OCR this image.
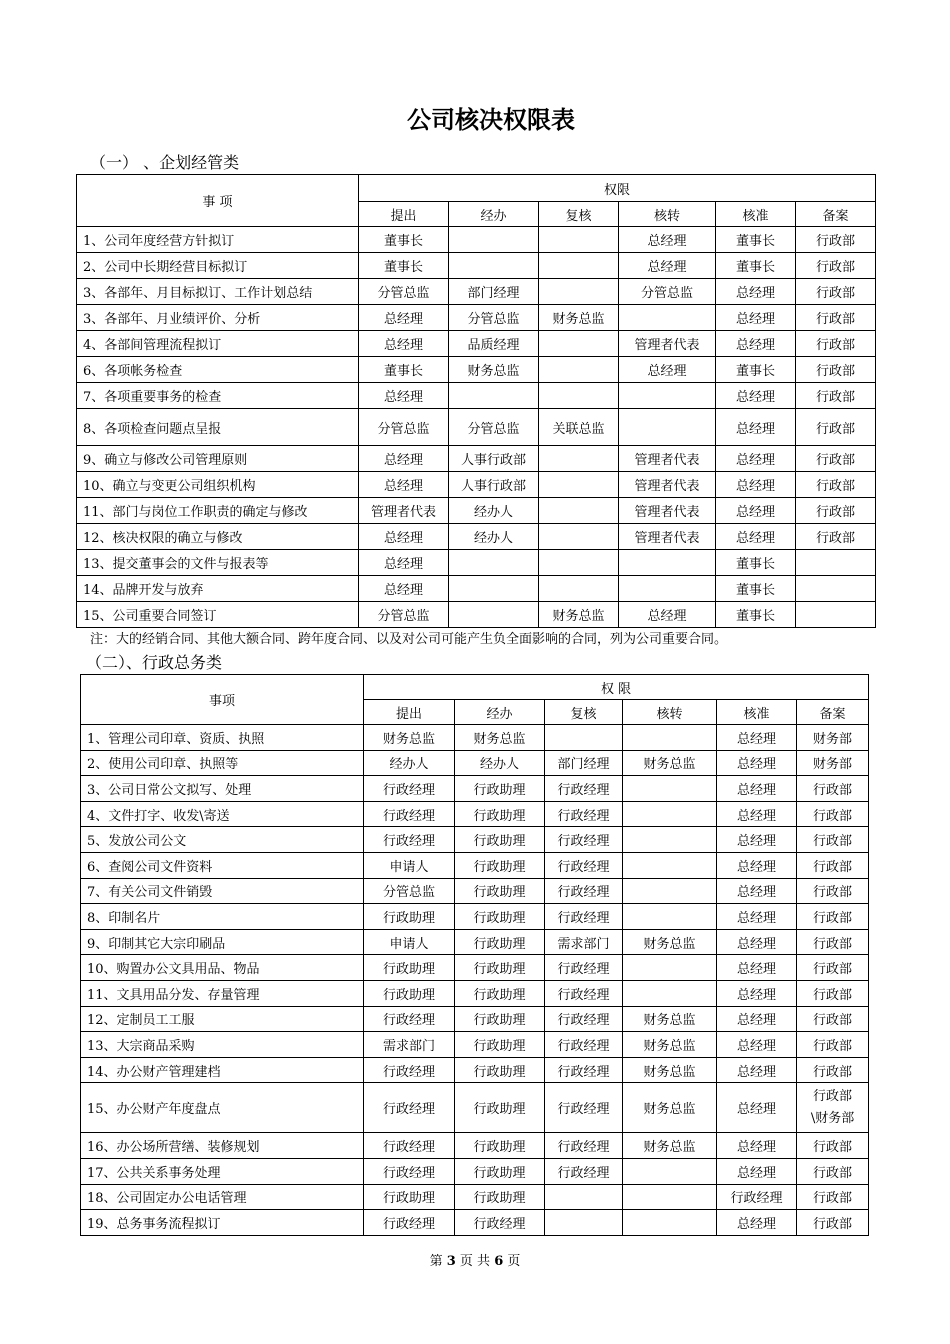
公司核决权限表
（一） 、企划经管类
事 项	权限					
	提出	经办	复核	核转	核准	备案
1、公司年度经营方针拟订	董事长			总经理	董事长	行政部
2、公司中长期经营目标拟订	董事长			总经理	董事长	行政部
3、各部年、月目标拟订、工作计划总结	分管总监	部门经理		分管总监	总经理	行政部
3、各部年、月业绩评价、分析	总经理	分管总监	财务总监		总经理	行政部
4、各部间管理流程拟订	总经理	品质经理		管理者代表	总经理	行政部
6、各项帐务检查	董事长	财务总监		总经理	董事长	行政部
7、各项重要事务的检查	总经理				总经理	行政部
8、各项检查问题点呈报	分管总监	分管总监	关联总监		总经理	行政部
9、确立与修改公司管理原则	总经理	人事行政部		管理者代表	总经理	行政部
10、确立与变更公司组织机构	总经理	人事行政部		管理者代表	总经理	行政部
11、部门与岗位工作职责的确定与修改	管理者代表	经办人		管理者代表	总经理	行政部
12、核决权限的确立与修改	总经理	经办人		管理者代表	总经理	行政部
13、提交董事会的文件与报表等	总经理				董事长	
14、品牌开发与放弃	总经理				董事长	
15、公司重要合同签订	分管总监		财务总监	总经理	董事长	
注：大的经销合同、其他大额合同、跨年度合同、以及对公司可能产生负全面影响的合同，列为公司重要合同。
（二）、行政总务类
事项	权 限					
	提出	经办	复核	核转	核准	备案
1、管理公司印章、资质、执照	财务总监	财务总监			总经理	财务部
2、使用公司印章、执照等	经办人	经办人	部门经理	财务总监	总经理	财务部
3、公司日常公文拟写、处理	行政经理	行政助理	行政经理		总经理	行政部
4、文件打字、收发\寄送	行政经理	行政助理	行政经理		总经理	行政部
5、发放公司公文	行政经理	行政助理	行政经理		总经理	行政部
6、查阅公司文件资料	申请人	行政助理	行政经理		总经理	行政部
7、有关公司文件销毁	分管总监	行政助理	行政经理		总经理	行政部
8、印制名片	行政助理	行政助理	行政经理		总经理	行政部
9、印制其它大宗印刷品	申请人	行政助理	需求部门	财务总监	总经理	行政部
10、购置办公文具用品、物品	行政助理	行政助理	行政经理		总经理	行政部
11、文具用品分发、存量管理	行政助理	行政助理	行政经理		总经理	行政部
12、定制员工工服	行政经理	行政助理	行政经理	财务总监	总经理	行政部
13、大宗商品采购	需求部门	行政助理	行政经理	财务总监	总经理	行政部
14、办公财产管理建档	行政经理	行政助理	行政经理	财务总监	总经理	行政部
15、办公财产年度盘点	行政经理	行政助理	行政经理	财务总监	总经理	行政部\财务部
16、办公场所营缮、装修规划	行政经理	行政助理	行政经理	财务总监	总经理	行政部
17、公共关系事务处理	行政经理	行政助理	行政经理		总经理	行政部
18、公司固定办公电话管理	行政助理	行政助理			行政经理	行政部
19、总务事务流程拟订	行政经理	行政经理			总经理	行政部
第 3 页 共 6 页
